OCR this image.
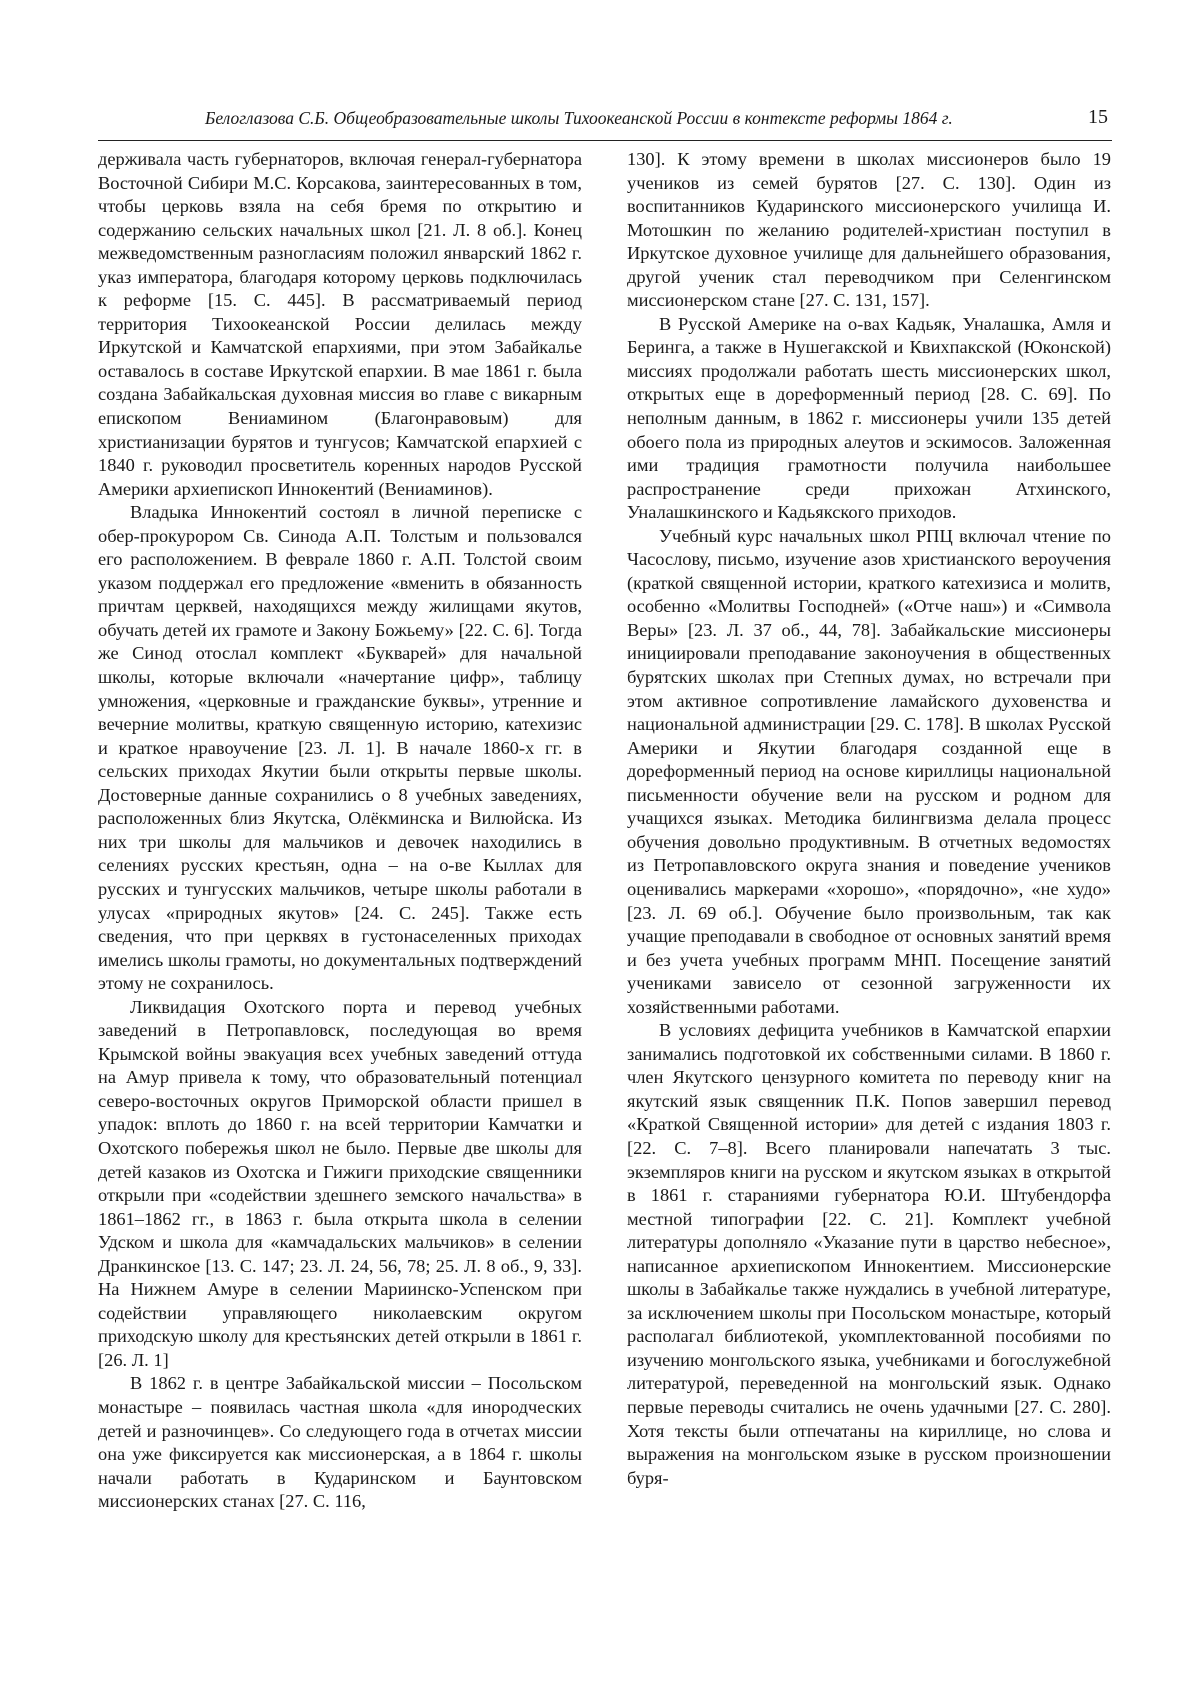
Белоглазова С.Б. Общеобразовательные школы Тихоокеанской России в контексте реформы 1864 г.	15

держивала часть губернаторов, включая генерал-губернатора Восточной Сибири М.С. Корсакова, заинтересованных в том, чтобы церковь взяла на себя бремя по открытию и содержанию сельских начальных школ [21. Л. 8 об.]. Конец межведомственным разногласиям положил январский 1862 г. указ императора, благодаря которому церковь подключилась к реформе [15. С. 445]. В рассматриваемый период территория Тихоокеанской России делилась между Иркутской и Камчатской епархиями, при этом Забайкалье оставалось в составе Иркутской епархии. В мае 1861 г. была создана Забайкальская духовная миссия во главе с викарным епископом Вениамином (Благонравовым) для христианизации бурятов и тунгусов; Камчатской епархией с 1840 г. руководил просветитель коренных народов Русской Америки архиепископ Иннокентий (Вениаминов).

Владыка Иннокентий состоял в личной переписке с обер-прокурором Св. Синода А.П. Толстым и пользовался его расположением. В феврале 1860 г. А.П. Толстой своим указом поддержал его предложение «вменить в обязанность причтам церквей, находящихся между жилищами якутов, обучать детей их грамоте и Закону Божьему» [22. С. 6]. Тогда же Синод отослал комплект «Букварей» для начальной школы, которые включали «начертание цифр», таблицу умножения, «церковные и гражданские буквы», утренние и вечерние молитвы, краткую священную историю, катехизис и краткое нравоучение [23. Л. 1]. В начале 1860-х гг. в сельских приходах Якутии были открыты первые школы. Достоверные данные сохранились о 8 учебных заведениях, расположенных близ Якутска, Олёкминска и Вилюйска. Из них три школы для мальчиков и девочек находились в селениях русских крестьян, одна – на о-ве Кыллах для русских и тунгусских мальчиков, четыре школы работали в улусах «природных якутов» [24. С. 245]. Также есть сведения, что при церквях в густонаселенных приходах имелись школы грамоты, но документальных подтверждений этому не сохранилось.

Ликвидация Охотского порта и перевод учебных заведений в Петропавловск, последующая во время Крымской войны эвакуация всех учебных заведений оттуда на Амур привела к тому, что образовательный потенциал северо-восточных округов Приморской области пришел в упадок: вплоть до 1860 г. на всей территории Камчатки и Охотского побережья школ не было. Первые две школы для детей казаков из Охотска и Гижиги приходские священники открыли при «содействии здешнего земского начальства» в 1861–1862 гг., в 1863 г. была открыта школа в селении Удском и школа для «камчадальских мальчиков» в селении Дранкинское [13. С. 147; 23. Л. 24, 56, 78; 25. Л. 8 об., 9, 33]. На Нижнем Амуре в селении Мариинско-Успенском при содействии управляющего николаевским округом приходскую школу для крестьянских детей открыли в 1861 г. [26. Л. 1]

В 1862 г. в центре Забайкальской миссии – Посольском монастыре – появилась частная школа «для инородческих детей и разночинцев». Со следующего года в отчетах миссии она уже фиксируется как миссионерская, а в 1864 г. школы начали работать в Кударинском и Баунтовском миссионерских станах [27. С. 116,

130]. К этому времени в школах миссионеров было 19 учеников из семей бурятов [27. С. 130]. Один из воспитанников Кударинского миссионерского училища И. Мотошкин по желанию родителей-христиан поступил в Иркутское духовное училище для дальнейшего образования, другой ученик стал переводчиком при Селенгинском миссионерском стане [27. С. 131, 157].

В Русской Америке на о-вах Кадьяк, Уналашка, Амля и Беринга, а также в Нушегакской и Квихпакской (Юконской) миссиях продолжали работать шесть миссионерских школ, открытых еще в дореформенный период [28. С. 69]. По неполным данным, в 1862 г. миссионеры учили 135 детей обоего пола из природных алеутов и эскимосов. Заложенная ими традиция грамотности получила наибольшее распространение среди прихожан Атхинского, Уналашкинского и Кадьякского приходов.

Учебный курс начальных школ РПЦ включал чтение по Часослову, письмо, изучение азов христианского вероучения (краткой священной истории, краткого катехизиса и молитв, особенно «Молитвы Господней» («Отче наш») и «Символа Веры» [23. Л. 37 об., 44, 78]. Забайкальские миссионеры инициировали преподавание законоучения в общественных бурятских школах при Степных думах, но встречали при этом активное сопротивление ламайского духовенства и национальной администрации [29. С. 178]. В школах Русской Америки и Якутии благодаря созданной еще в дореформенный период на основе кириллицы национальной письменности обучение вели на русском и родном для учащихся языках. Методика билингвизма делала процесс обучения довольно продуктивным. В отчетных ведомостях из Петропавловского округа знания и поведение учеников оценивались маркерами «хорошо», «порядочно», «не худо» [23. Л. 69 об.]. Обучение было произвольным, так как учащие преподавали в свободное от основных занятий время и без учета учебных программ МНП. Посещение занятий учениками зависело от сезонной загруженности их хозяйственными работами.

В условиях дефицита учебников в Камчатской епархии занимались подготовкой их собственными силами. В 1860 г. член Якутского цензурного комитета по переводу книг на якутский язык священник П.К. Попов завершил перевод «Краткой Священной истории» для детей с издания 1803 г. [22. С. 7–8]. Всего планировали напечатать 3 тыс. экземпляров книги на русском и якутском языках в открытой в 1861 г. стараниями губернатора Ю.И. Штубендорфа местной типографии [22. С. 21]. Комплект учебной литературы дополняло «Указание пути в царство небесное», написанное архиепископом Иннокентием. Миссионерские школы в Забайкалье также нуждались в учебной литературе, за исключением школы при Посольском монастыре, который располагал библиотекой, укомплектованной пособиями по изучению монгольского языка, учебниками и богослужебной литературой, переведенной на монгольский язык. Однако первые переводы считались не очень удачными [27. С. 280]. Хотя тексты были отпечатаны на кириллице, но слова и выражения на монгольском языке в русском произношении буря-
